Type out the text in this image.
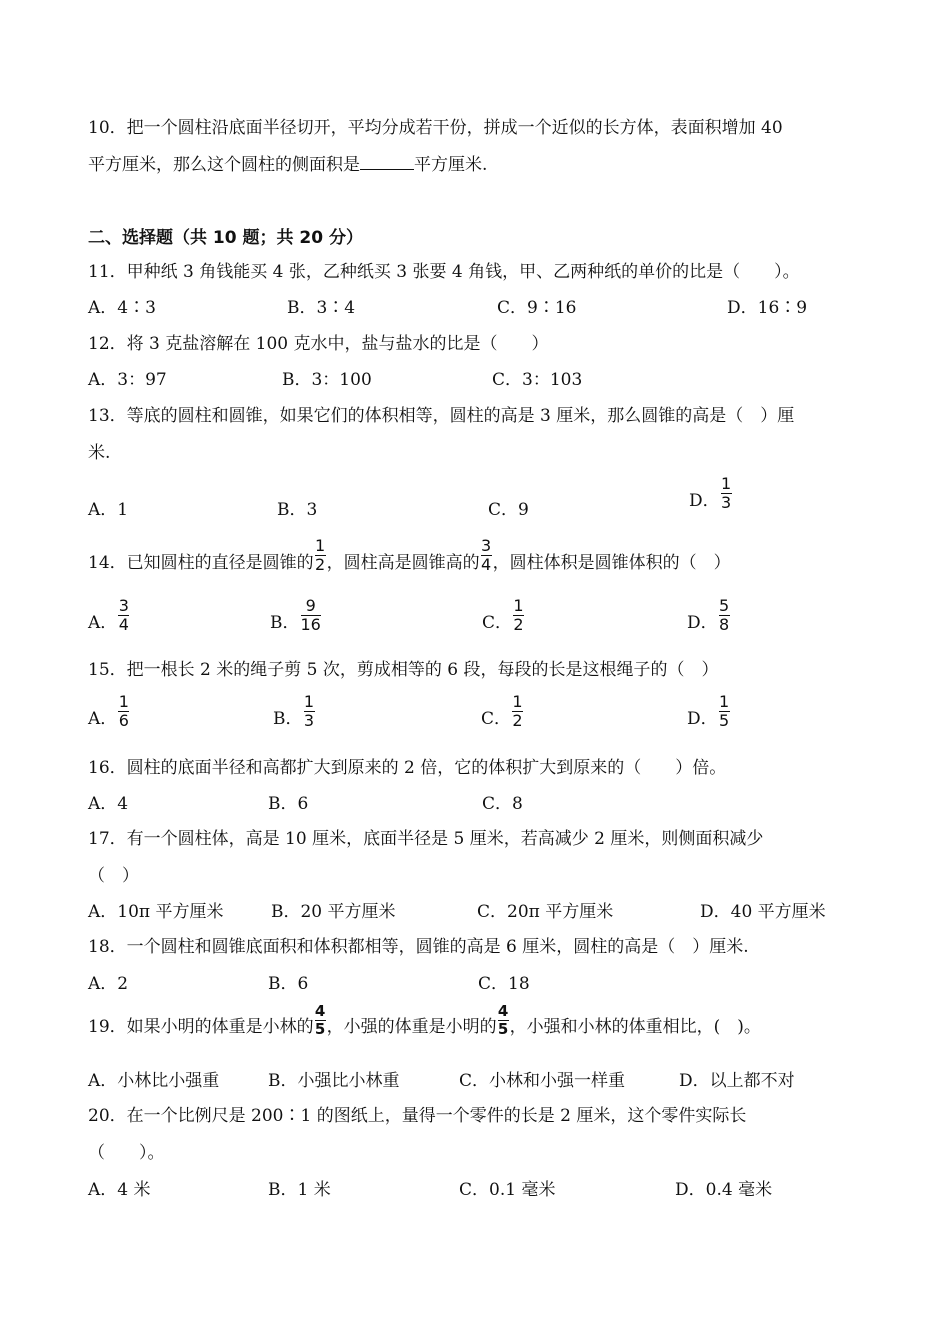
10．把一个圆柱沿底面半径切开，平均分成若干份，拼成一个近似的长方体，表面积增加 40
平方厘米，那么这个圆柱的侧面积是	平方厘米.
二、选择题（共 10 题；共 20 分）
11．甲种纸 3 角钱能买 4 张，乙种纸买 3 张要 4 角钱，甲、乙两种纸的单价的比是（　　）。
A．4∶3	B．3∶4	C．9∶16	D．16∶9
12．将 3 克盐溶解在 100 克水中，盐与盐水的比是（　　）
A．3：97	B．3：100	C．3：103
13．等底的圆柱和圆锥，如果它们的体积相等，圆柱的高是 3 厘米，那么圆锥的高是（　）厘
米.
A．1	B．3	C．9	D． $\frac{1}{3}$
14．已知圆柱的直径是圆锥的 $\frac{1}{2}$ ，圆柱高是圆锥高的 $\frac{3}{4}$ ，圆柱体积是圆锥体积的（　）
A． $\frac{3}{4}$	B． $\frac{9}{16}$	C． $\frac{1}{2}$	D． $\frac{5}{8}$
15．把一根长 2 米的绳子剪 5 次，剪成相等的 6 段，每段的长是这根绳子的（　）
A． $\frac{1}{6}$	B． $\frac{1}{3}$	C． $\frac{1}{2}$	D． $\frac{1}{5}$
16．圆柱的底面半径和高都扩大到原来的 2 倍，它的体积扩大到原来的（　　）倍。
A．4	B．6	C．8
17．有一个圆柱体，高是 10 厘米，底面半径是 5 厘米，若高减少 2 厘米，则侧面积减少
（　）
A．10π 平方厘米	B．20 平方厘米	C．20π 平方厘米	D．40 平方厘米
18．一个圆柱和圆锥底面积和体积都相等，圆锥的高是 6 厘米，圆柱的高是（　）厘米.
A．2	B．6	C．18
19．如果小明的体重是小林的 $\frac{4}{5}$ ，小强的体重是小明的 $\frac{4}{5}$ ，小强和小林的体重相比，(　)。
A．小林比小强重	B．小强比小林重	C．小林和小强一样重	D．以上都不对
20．在一个比例尺是 200∶1 的图纸上，量得一个零件的长是 2 厘米，这个零件实际长
（　　）。
A．4 米	B．1 米	C．0.1 毫米	D．0.4 毫米
